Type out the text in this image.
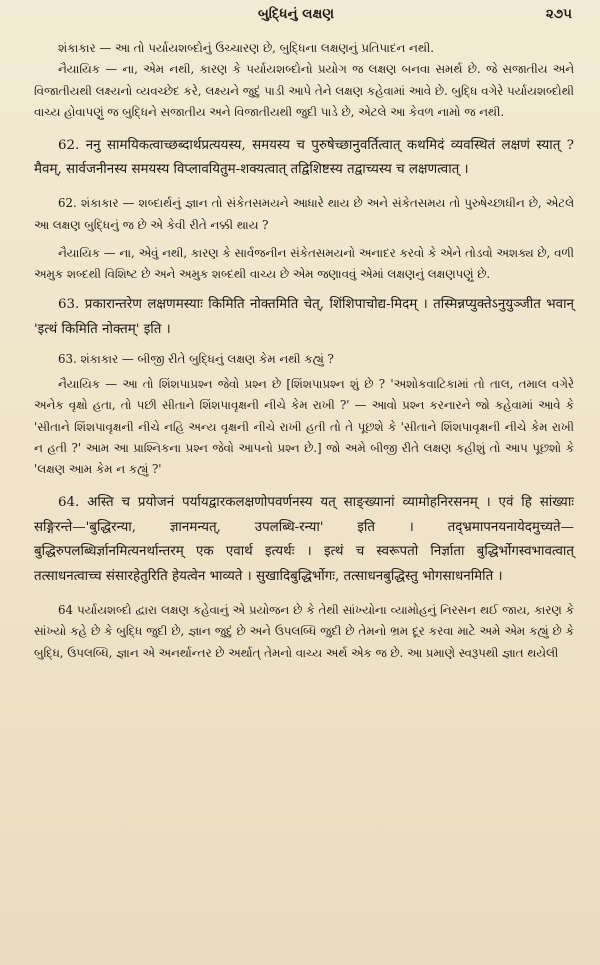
બુદ્ધિનું લક્ષણ	૨૭૫

શંકાકાર — આ તો પર્યાયશબ્દોનું ઉચ્ચારણ છે, બુદ્ધિના લક્ષણનું પ્રતિપાદન નથી.

નૈયાયિક — ના, એમ નથી, કારણ કે પર્યાયશબ્દોનો પ્રયોગ જ લક્ષણ બનવા સમર્થ છે. જે સજાતીય અને વિજાતીયથી લક્ષ્યનો વ્યવચ્છેદ કરે, લક્ષ્યને જુદું પાડી આપે તેને લક્ષણ કહેવામાં આવે છે. બુદ્ધિ વગેરે પર્યાયશબ્દોથી વાચ્ય હોવાપણું જ બુદ્ધિને સજાતીય અને વિજાતીયથી જુદી પાડે છે, એટલે આ કેવળ નામો જ નથી.

62. ननु सामयिकत्वाच्छब्दार्थप्रत्ययस्य, समयस्य च पुरुषेच्छानुवर्तित्वात् कथमिदं व्यवस्थितं लक्षणं स्यात् ? मैवम्, सार्वजनीनस्य समयस्य विप्लावयितुम-शक्यत्वात् तद्विशिष्टस्य तद्वाच्यस्य च लक्षणत्वात् ।

62. શંકાકાર — શબ્દાર્થનું જ્ઞાન તો સંકેતસમયને આધારે થાય છે અને સંકેતસમય તો પુરુષેચ્છાધીન છે, એટલે આ લક્ષણ બુદ્ધિનું જ છે એ કેવી રીતે નક્કી થાય ?

નૈયાયિક — ના, એવું નથી, કારણ કે સાર્વજનીન સંકેતસમયનો અનાદર કરવો કે એને તોડવો અશક્ય છે, વળી અમુક શબ્દથી વિશિષ્ટ છે અને અમુક શબ્દથી વાચ્ય છે એમ જણાવવું એમાં લક્ષણનું લક્ષણપણું છે.

63. प्रकारान्तरेण लक्षणमस्याः किमिति नोक्तमिति चेत्, शिंशिपाचोद्य-मिदम् । तस्मिन्नप्युक्तेऽनुयुञ्जीत भवान् 'इत्थं किमिति नोक्तम्' इति ।

63. શંકાકાર — બીજી રીતે બુદ્ધિનું લક્ષણ કેમ નથી કહ્યું ?

નૈયાયિક — આ તો શિંશપાપ્રશ્ન જેવો પ્રશ્ન છે [શિંશપાપ્રશ્ન શું છે ? 'અશોકવાટિકામાં તો તાલ, તમાલ વગેરે અનેક વૃક્ષો હતા, તો પછી સીતાને શિંશપાવૃક્ષની નીચે કેમ રાખી ?' — આવો પ્રશ્ન કરનારને જો કહેવામાં આવે કે 'સીતાને શિંશપાવૃક્ષની નીચે નહિ અન્ય વૃક્ષની નીચે રાખી હતી તો તે પૂછશે કે 'સીતાને શિંશપાવૃક્ષની નીચે કેમ રાખી ન હતી ?' આમ આ પ્રાશ્નિકના પ્રશ્ન જેવો આપનો પ્રશ્ન છે.] જો અમે બીજી રીતે લક્ષણ કહીશું તો આપ પૂછશો કે 'લક્ષણ આમ કેમ ન કહ્યું ?'

64. अस्ति च प्रयोजनं पर्यायद्वारकलक्षणोपवर्णनस्य यत् साङ्ख्यानां व्यामोहनिरसनम् । एवं हि सांख्याः सङ्गिरन्ते—'बुद्धिरन्या, ज्ञानमन्यत्, उपलब्धि-रन्या' इति । तद्भ्रमापनयनायेदमुच्यते—बुद्धिरुपलब्धिर्ज्ञानमित्यनर्थान्तरम् एक एवार्थ इत्यर्थः । इत्थं च स्वरूपतो निर्ज्ञाता बुद्धिर्भोगस्वभावत्वात् तत्साधनत्वाच्च संसारहेतुरिति हेयत्वेन भाव्यते । सुखादिबुद्धिर्भोगः, तत्साधनबुद्धिस्तु भोगसाधनमिति ।

64 પર્યાયશબ્દો દ્વારા લક્ષણ કહેવાનું એ પ્રયોજન છે કે તેથી સાંખ્યોના વ્યામોહનું નિરસન થઈ જાય, કારણ કે સાંખ્યો કહે છે કે બુદ્ધિ જુદી છે, જ્ઞાન જુદું છે અને ઉપલબ્ધિ જુદી છે તેમનો ભ્રમ દૂર કરવા માટે અમે એમ કહ્યું છે કે બુદ્ધિ, ઉપલબ્ધિ, જ્ઞાન એ અનર્થાન્તર છે અર્થાત્ તેમનો વાચ્ય અર્થ એક જ છે. આ પ્રમાણે સ્વરૂપથી જ્ઞાત થયેલી
